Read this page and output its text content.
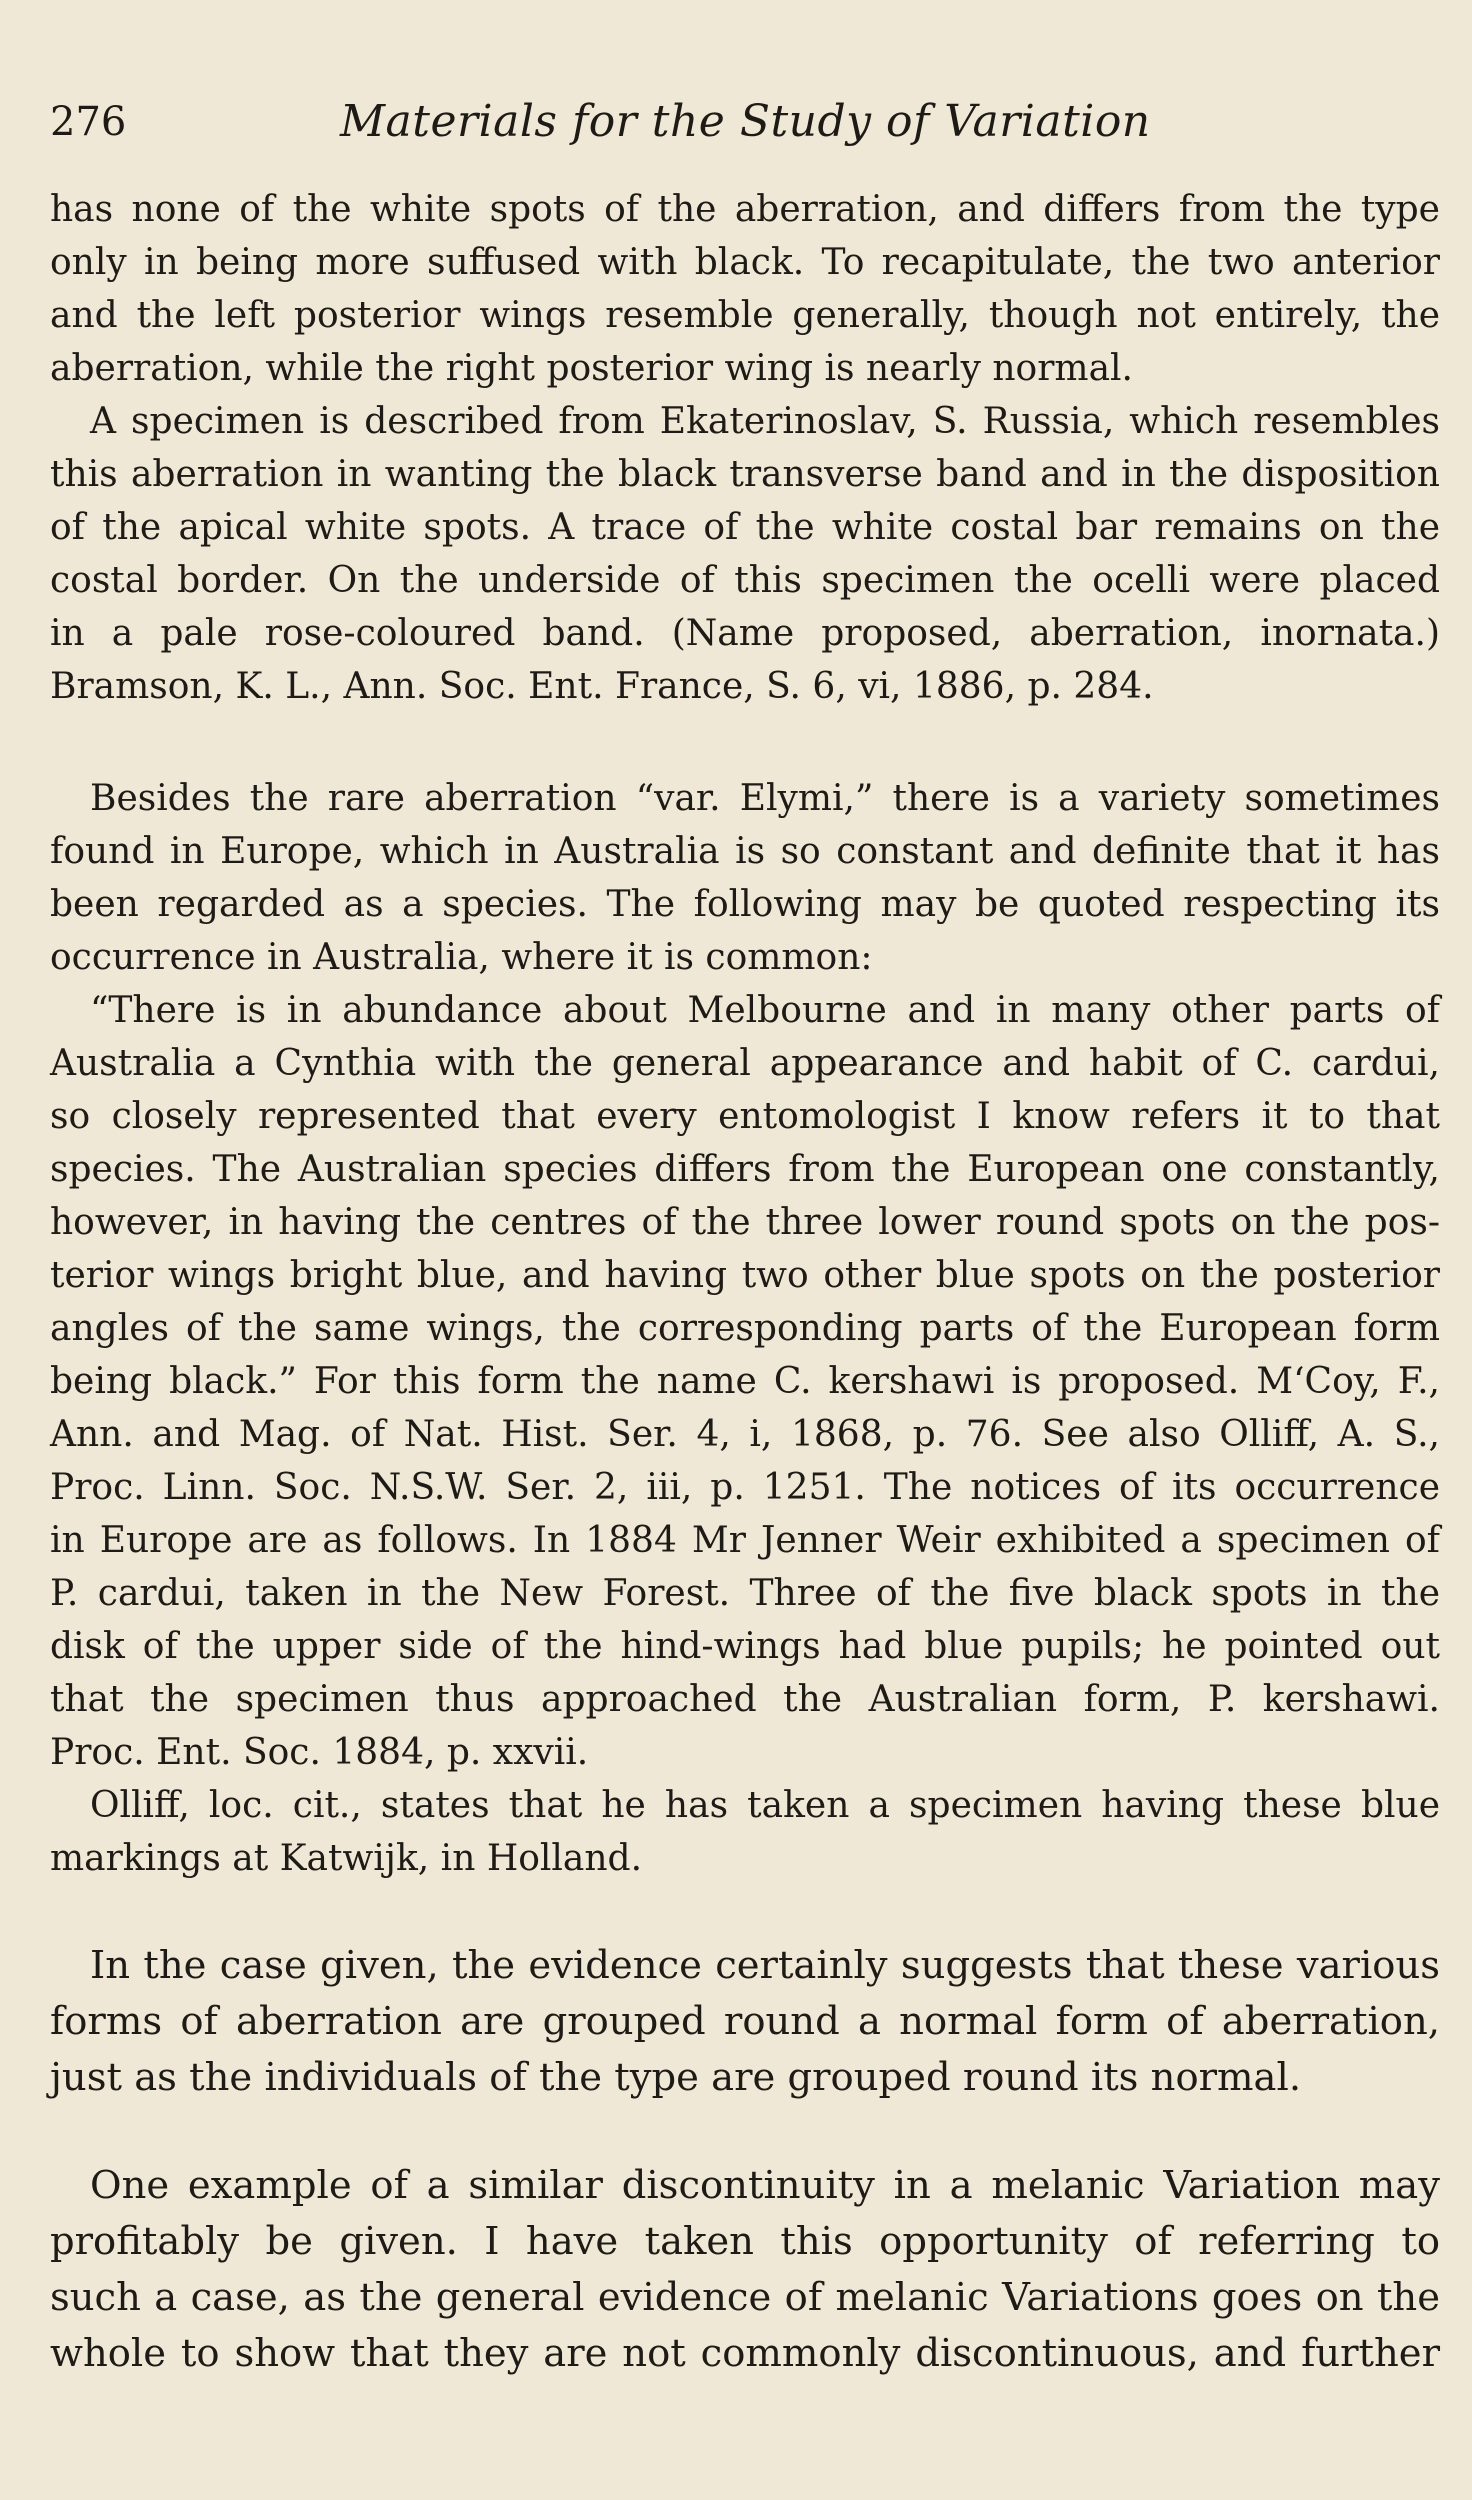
276	Materials for the Study of Variation
has none of the white spots of the aberration, and differs from the type
only in being more suffused with black. To recapitulate, the two anterior
and the left posterior wings resemble generally, though not entirely, the
aberration, while the right posterior wing is nearly normal.
A specimen is described from Ekaterinoslav, S. Russia, which resembles
this aberration in wanting the black transverse band and in the disposition
of the apical white spots. A trace of the white costal bar remains on the
costal border. On the underside of this specimen the ocelli were placed
in a pale rose-coloured band. (Name proposed, aberration, inornata.)
Bramson, K. L., Ann. Soc. Ent. France, S. 6, vi, 1886, p. 284.
Besides the rare aberration “var. Elymi,” there is a variety sometimes
found in Europe, which in Australia is so constant and definite that it has
been regarded as a species. The following may be quoted respecting its
occurrence in Australia, where it is common:
“There is in abundance about Melbourne and in many other parts of
Australia a Cynthia with the general appearance and habit of C. cardui,
so closely represented that every entomologist I know refers it to that
species. The Australian species differs from the European one constantly,
however, in having the centres of the three lower round spots on the pos-
terior wings bright blue, and having two other blue spots on the posterior
angles of the same wings, the corresponding parts of the European form
being black.” For this form the name C. kershawi is proposed. M‘Coy, F.,
Ann. and Mag. of Nat. Hist. Ser. 4, i, 1868, p. 76. See also Olliff, A. S.,
Proc. Linn. Soc. N.S.W. Ser. 2, iii, p. 1251. The notices of its occurrence
in Europe are as follows. In 1884 Mr Jenner Weir exhibited a specimen of
P. cardui, taken in the New Forest. Three of the five black spots in the
disk of the upper side of the hind-wings had blue pupils; he pointed out
that the specimen thus approached the Australian form, P. kershawi.
Proc. Ent. Soc. 1884, p. xxvii.
Olliff, loc. cit., states that he has taken a specimen having these blue
markings at Katwijk, in Holland.
In the case given, the evidence certainly suggests that these various
forms of aberration are grouped round a normal form of aberration,
just as the individuals of the type are grouped round its normal.
One example of a similar discontinuity in a melanic Variation may
profitably be given. I have taken this opportunity of referring to
such a case, as the general evidence of melanic Variations goes on the
whole to show that they are not commonly discontinuous, and further
